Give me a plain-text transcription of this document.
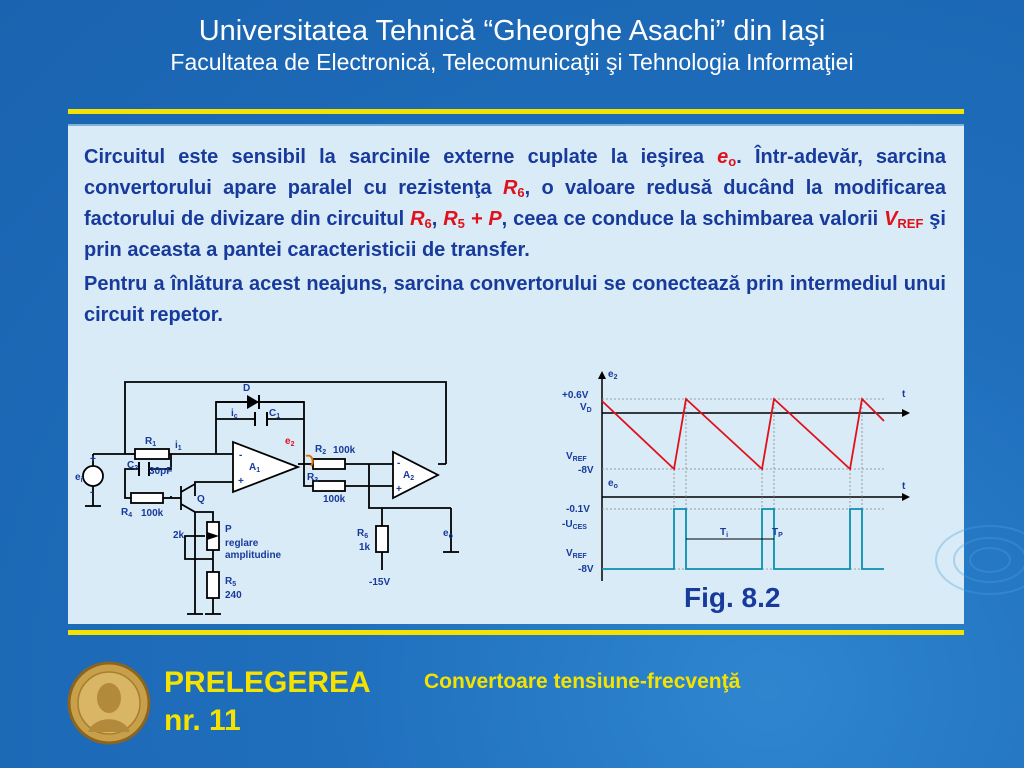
Universitatea Tehnică “Gheorghe Asachi” din Iaşi
Facultatea de Electronică, Telecomunicaţii şi Tehnologia Informaţiei

Circuitul este sensibil la sarcinile externe cuplate la ieşirea $e_o$. Într-adevăr, sarcina convertorului apare paralel cu rezistenţa $R_6$, o valoare redusă ducând la modificarea factorului de divizare din circuitul $R_6$, $R_5 + P$, ceea ce conduce la schimbarea valorii $V_{REF}$ şi prin aceasta a pantei caracteristicii de transfer.

Pentru a înlătura acest neajuns, sarcina convertorului se conectează prin intermediul unui circuit repetor.

D
$i_c$	$C_1$
$e_2$
$R_1$ $i_1$	$R_2$ 100k
$C_2$ 30pF	$A_1$
-
+
$A_2$
-
+
+
-
$e_i$	$R_3$
100k
$R_4$ 100k
Q
2k
P
reglare
amplitudine
$R_5$
240
$R_6$
1k
-15V
$e_o$
$e_2$
+0.6V
$V_D$
$V_{REF}$
-8V
t
$e_o$	t
-0.1V
$-U_{CES}$
$V_{REF}$
-8V
$T_i$	$T_P$
Fig. 8.2
PRELEGEREA
nr. 11
Convertoare tensiune-frecvenţă
